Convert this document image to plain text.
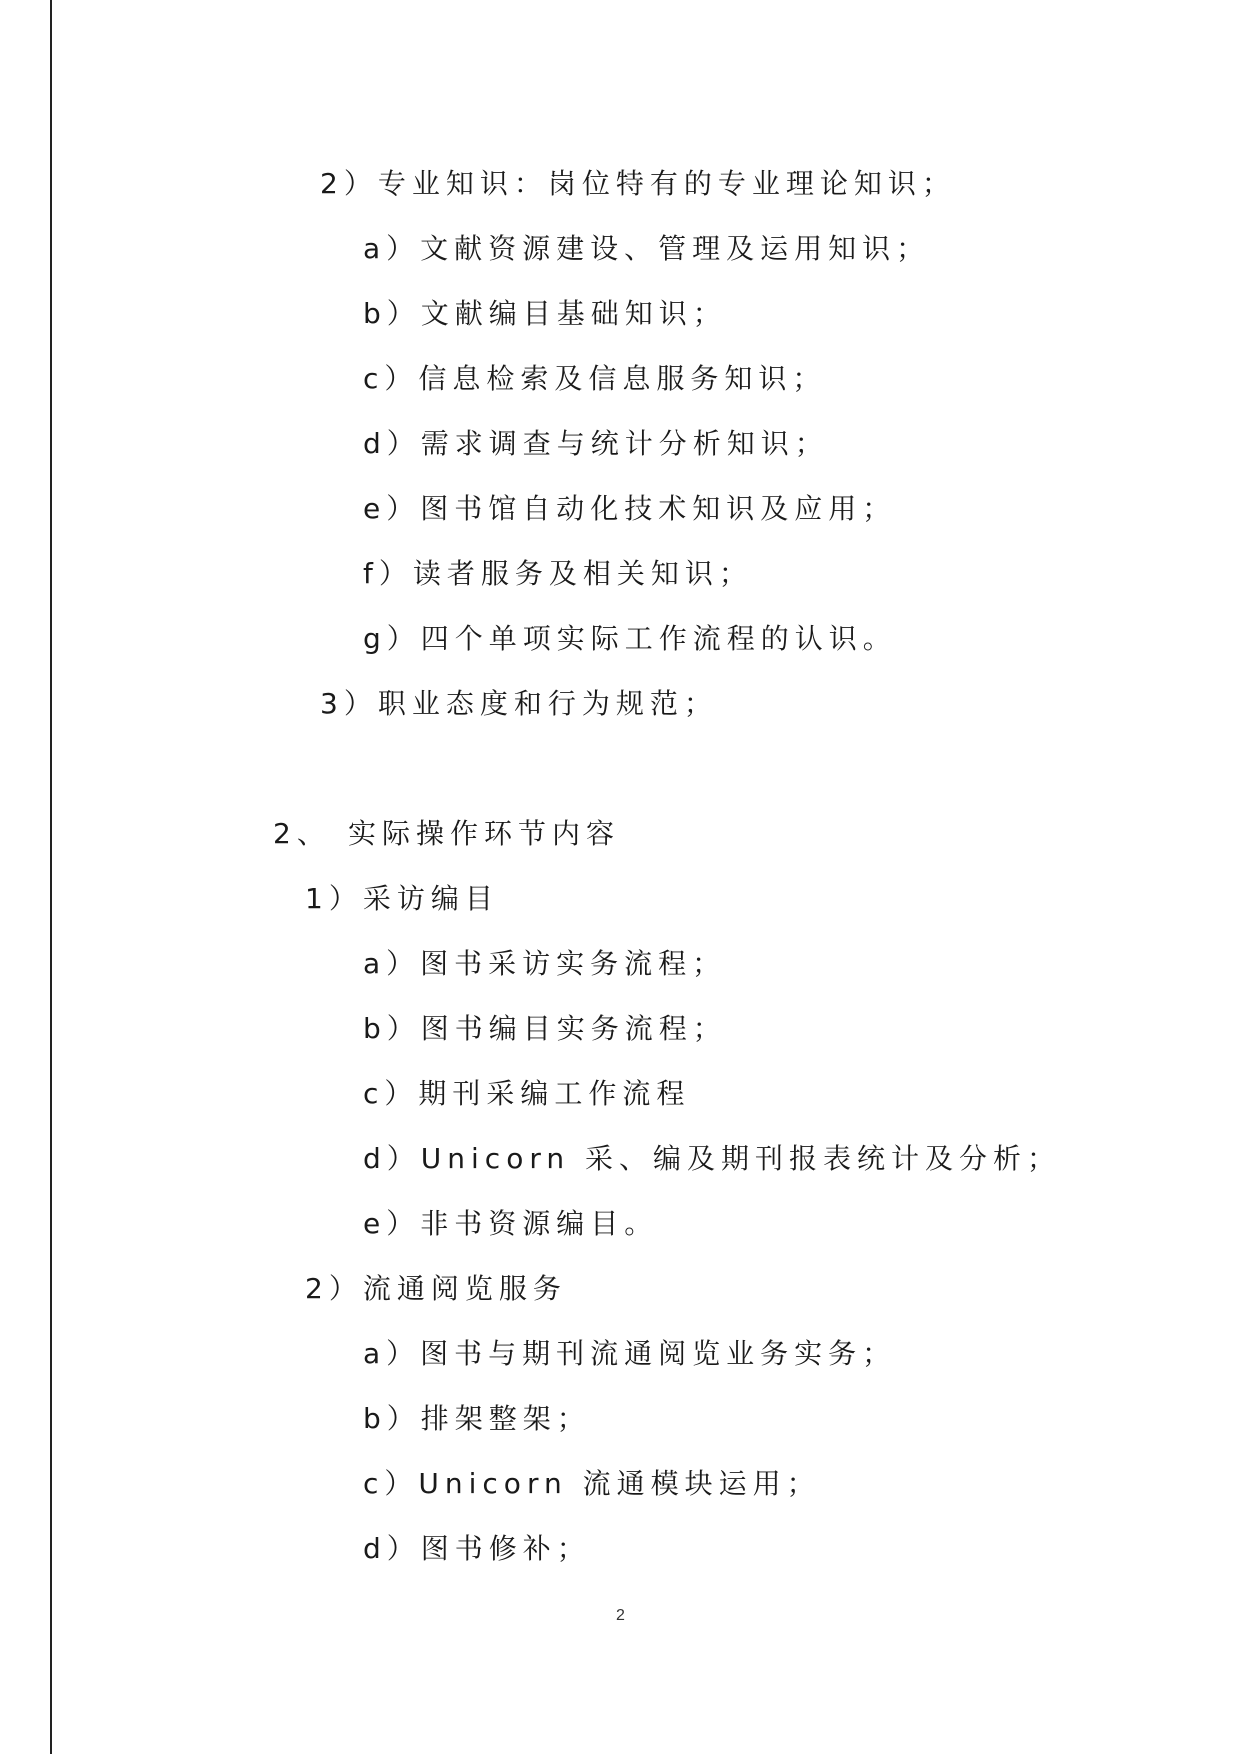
2）专业知识：岗位特有的专业理论知识；
a）文献资源建设、管理及运用知识；
b）文献编目基础知识；
c）信息检索及信息服务知识；
d）需求调查与统计分析知识；
e）图书馆自动化技术知识及应用；
f）读者服务及相关知识；
g）四个单项实际工作流程的认识。
3）职业态度和行为规范；
2、 实际操作环节内容
1）采访编目
a）图书采访实务流程；
b）图书编目实务流程；
c）期刊采编工作流程
d）Unicorn 采、编及期刊报表统计及分析；
e）非书资源编目。
2）流通阅览服务
a）图书与期刊流通阅览业务实务；
b）排架整架；
c）Unicorn 流通模块运用；
d）图书修补；
2
